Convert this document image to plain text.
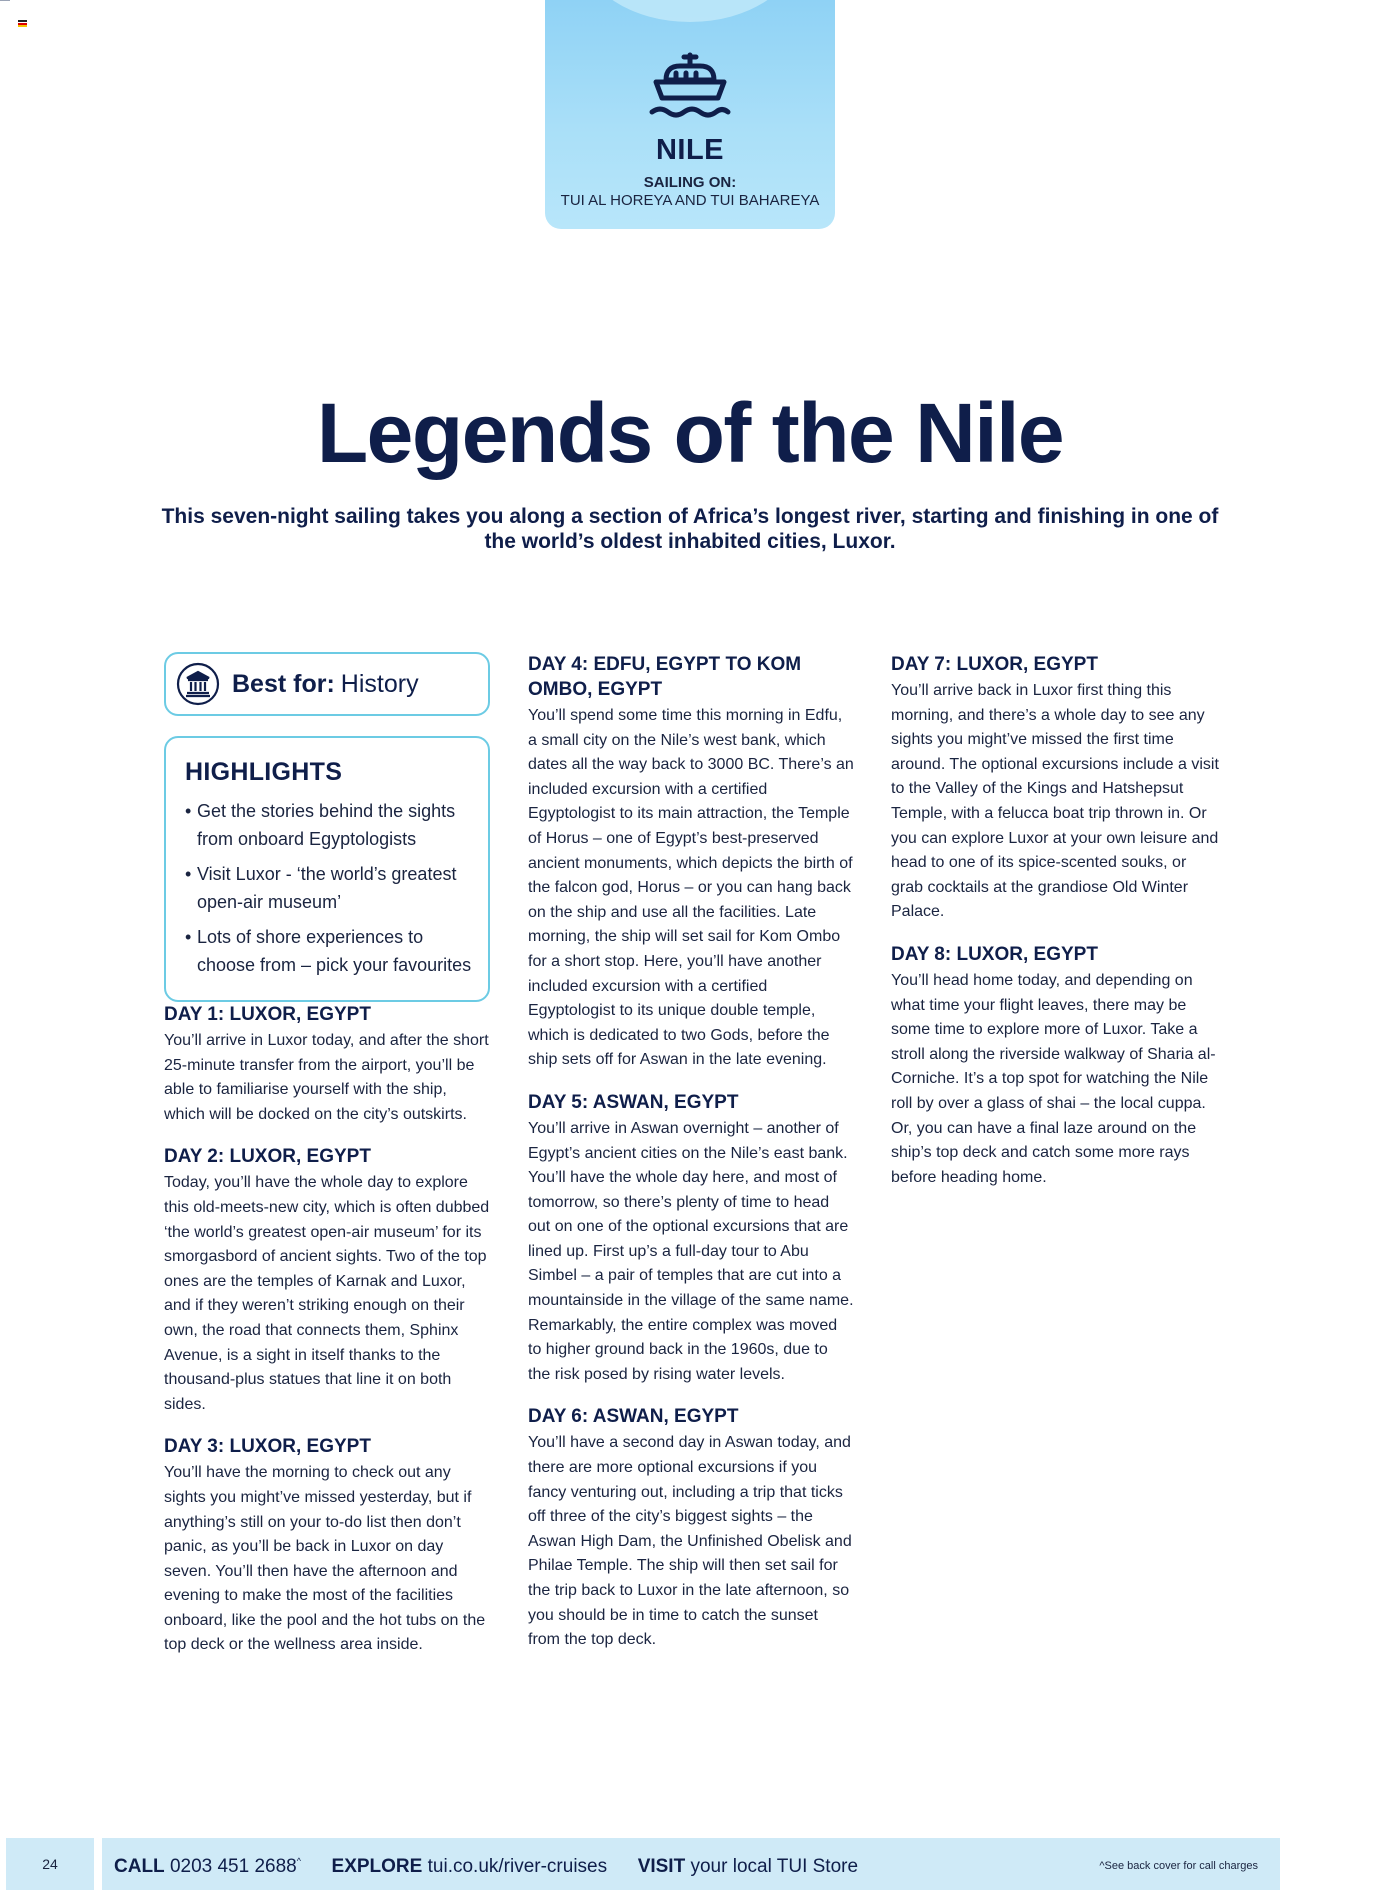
NILE
SAILING ON:
TUI AL HOREYA AND TUI BAHAREYA
Legends of the Nile

This seven-night sailing takes you along a section of Africa’s longest river, starting and finishing in one of the world’s oldest inhabited cities, Luxor.

Best for: History
HIGHLIGHTS
• Get the stories behind the sights from onboard Egyptologists
• Visit Luxor - ‘the world’s greatest open-air museum’
• Lots of shore experiences to choose from – pick your favourites
DAY 1: LUXOR, EGYPT

You’ll arrive in Luxor today, and after the short 25-minute transfer from the airport, you’ll be able to familiarise yourself with the ship, which will be docked on the city’s outskirts.

DAY 2: LUXOR, EGYPT

Today, you’ll have the whole day to explore this old-meets-new city, which is often dubbed ‘the world’s greatest open-air museum’ for its smorgasbord of ancient sights. Two of the top ones are the temples of Karnak and Luxor, and if they weren’t striking enough on their own, the road that connects them, Sphinx Avenue, is a sight in itself thanks to the thousand-plus statues that line it on both sides.

DAY 3: LUXOR, EGYPT

You’ll have the morning to check out any sights you might’ve missed yesterday, but if anything’s still on your to-do list then don’t panic, as you’ll be back in Luxor on day seven. You’ll then have the afternoon and evening to make the most of the facilities onboard, like the pool and the hot tubs on the top deck or the wellness area inside.

DAY 4: EDFU, EGYPT TO KOM OMBO, EGYPT

You’ll spend some time this morning in Edfu, a small city on the Nile’s west bank, which dates all the way back to 3000 BC. There’s an included excursion with a certified Egyptologist to its main attraction, the Temple of Horus – one of Egypt’s best-preserved ancient monuments, which depicts the birth of the falcon god, Horus – or you can hang back on the ship and use all the facilities. Late morning, the ship will set sail for Kom Ombo for a short stop. Here, you’ll have another included excursion with a certified Egyptologist to its unique double temple, which is dedicated to two Gods, before the ship sets off for Aswan in the late evening.

DAY 5: ASWAN, EGYPT

You’ll arrive in Aswan overnight – another of Egypt’s ancient cities on the Nile’s east bank. You’ll have the whole day here, and most of tomorrow, so there’s plenty of time to head out on one of the optional excursions that are lined up. First up’s a full-day tour to Abu Simbel – a pair of temples that are cut into a mountainside in the village of the same name. Remarkably, the entire complex was moved to higher ground back in the 1960s, due to the risk posed by rising water levels.

DAY 6: ASWAN, EGYPT

You’ll have a second day in Aswan today, and there are more optional excursions if you fancy venturing out, including a trip that ticks off three of the city’s biggest sights – the Aswan High Dam, the Unfinished Obelisk and Philae Temple. The ship will then set sail for the trip back to Luxor in the late afternoon, so you should be in time to catch the sunset from the top deck.

DAY 7: LUXOR, EGYPT

You’ll arrive back in Luxor first thing this morning, and there’s a whole day to see any sights you might’ve missed the first time around. The optional excursions include a visit to the Valley of the Kings and Hatshepsut Temple, with a felucca boat trip thrown in. Or you can explore Luxor at your own leisure and head to one of its spice-scented souks, or grab cocktails at the grandiose Old Winter Palace.

DAY 8: LUXOR, EGYPT

You’ll head home today, and depending on what time your flight leaves, there may be some time to explore more of Luxor. Take a stroll along the riverside walkway of Sharia al-Corniche. It’s a top spot for watching the Nile roll by over a glass of shai – the local cuppa. Or, you can have a final laze around on the ship’s top deck and catch some more rays before heading home.

24	CALL 0203 451 2688^ EXPLORE tui.co.uk/river-cruises VISIT your local TUI Store	^See back cover for call charges
